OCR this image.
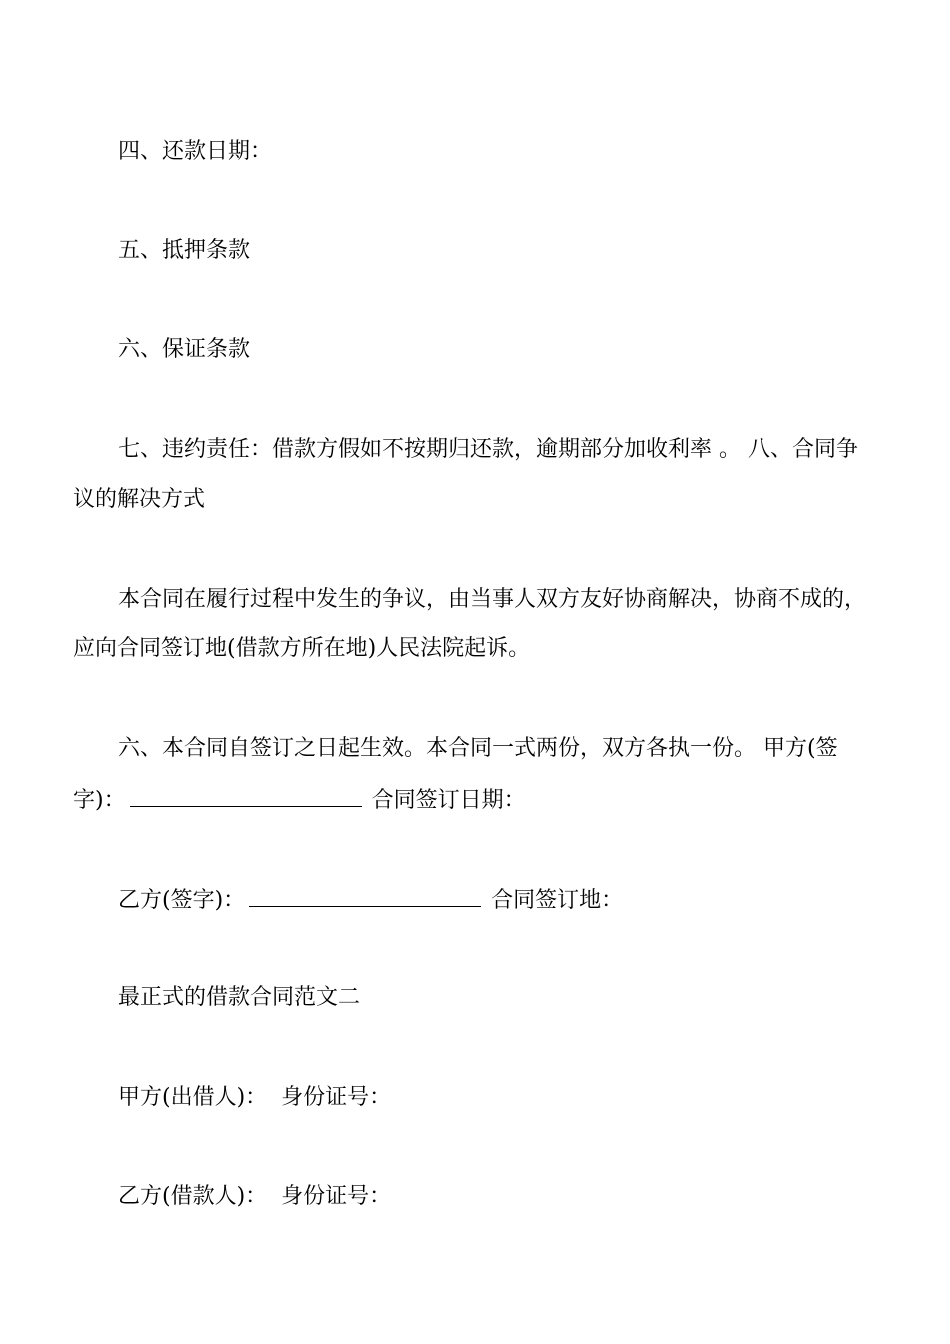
四、还款日期：
五、抵押条款
六、保证条款
七、违约责任：借款方假如不按期归还款，逾期部分加收利率 。 八、合同争
议的解决方式
本合同在履行过程中发生的争议，由当事人双方友好协商解决，协商不成的，
应向合同签订地(借款方所在地)人民法院起诉。
六、本合同自签订之日起生效。本合同一式两份，双方各执一份。 甲方(签
字)：	合同签订日期：
乙方(签字)：	合同签订地：
最正式的借款合同范文二
甲方(出借人)： 身份证号：
乙方(借款人)： 身份证号：
